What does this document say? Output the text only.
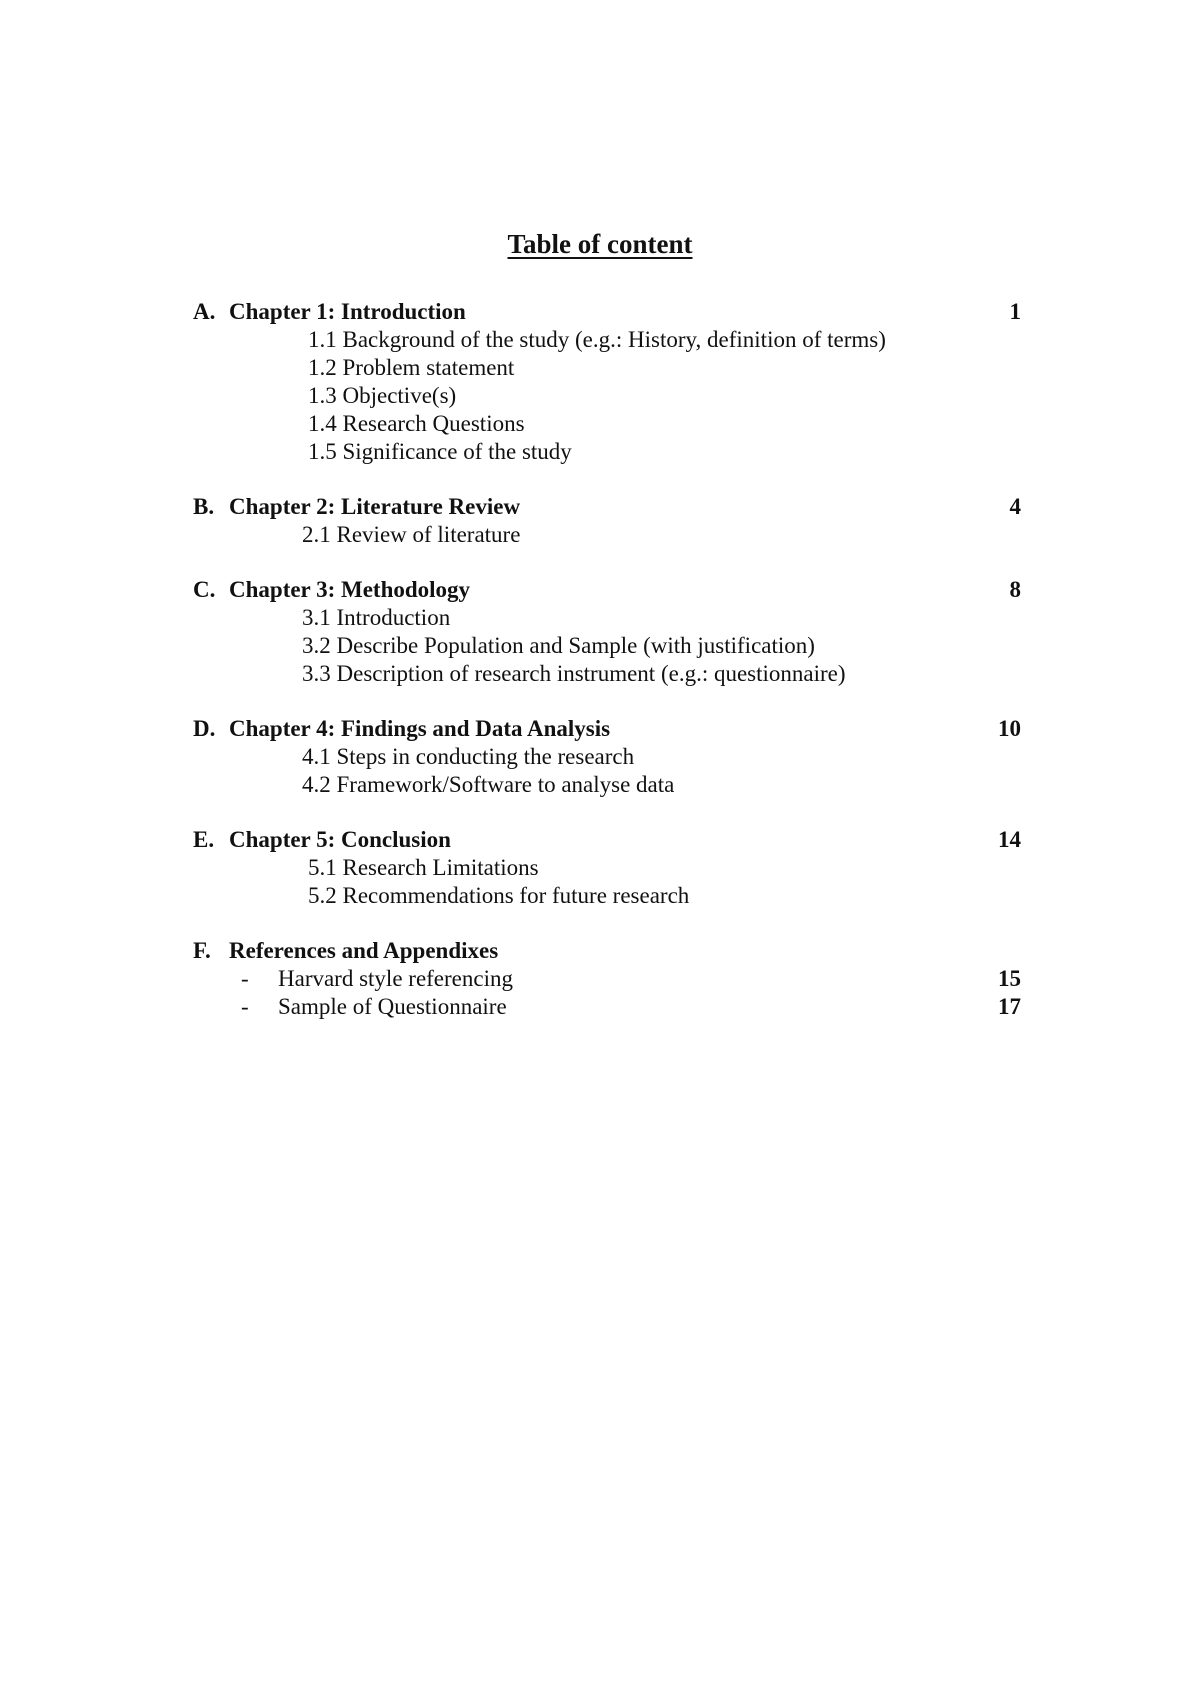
Table of content
A. Chapter 1: Introduction	1
1.1 Background of the study (e.g.: History, definition of terms)
1.2 Problem statement
1.3 Objective(s)
1.4 Research Questions
1.5 Significance of the study
B. Chapter 2: Literature Review	4
2.1 Review of literature
C. Chapter 3: Methodology	8
3.1 Introduction
3.2 Describe Population and Sample (with justification)
3.3 Description of research instrument (e.g.: questionnaire)
D. Chapter 4: Findings and Data Analysis	10
4.1 Steps in conducting the research
4.2 Framework/Software to analyse data
E. Chapter 5: Conclusion	14
5.1 Research Limitations
5.2 Recommendations for future research
F. References and Appendixes
- Harvard style referencing	15
- Sample of Questionnaire	17
